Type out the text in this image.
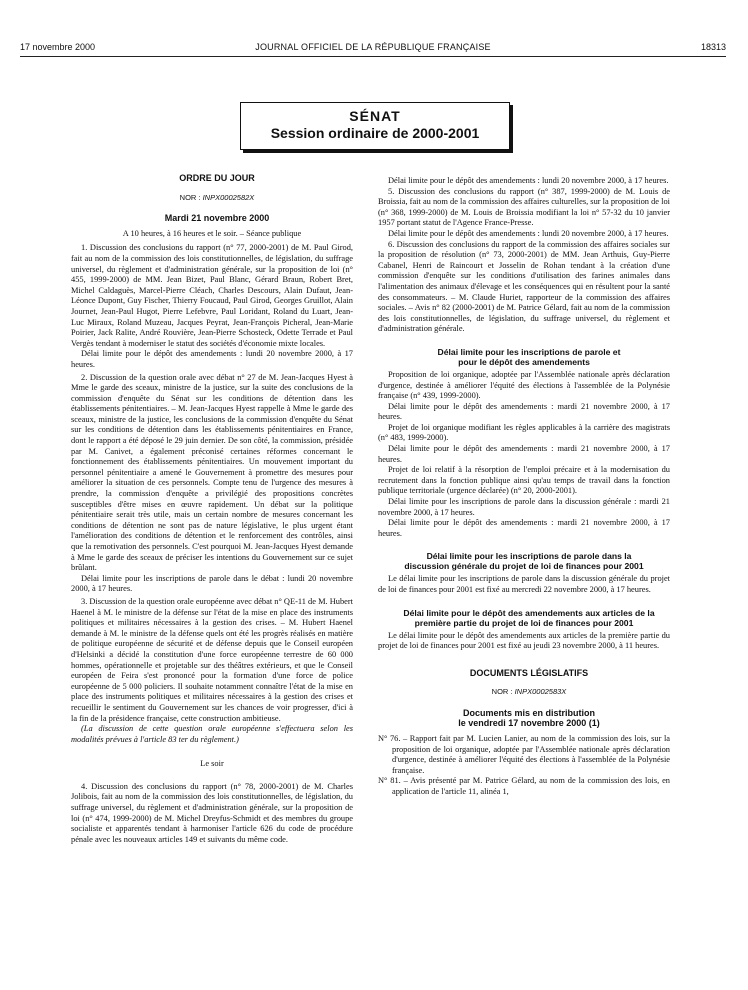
17 novembre 2000	JOURNAL OFFICIEL DE LA RÉPUBLIQUE FRANÇAISE	18313
SÉNAT
Session ordinaire de 2000-2001

ORDRE DU JOUR

NOR : INPX0002582X

Mardi 21 novembre 2000

A 10 heures, à 16 heures et le soir. – Séance publique

1. Discussion des conclusions du rapport (n° 77, 2000-2001) de M. Paul Girod, fait au nom de la commission des lois constitutionnelles, de législation, du suffrage universel, du règlement et d'administration générale, sur la proposition de loi (n° 455, 1999-2000) de MM. Jean Bizet, Paul Blanc, Gérard Braun, Robert Bret, Michel Caldaguès, Marcel-Pierre Cléach, Charles Descours, Alain Dufaut, Jean-Léonce Dupont, Guy Fischer, Thierry Foucaud, Paul Girod, Georges Gruillot, Alain Journet, Jean-Paul Hugot, Pierre Lefebvre, Paul Loridant, Roland du Luart, Jean-Luc Miraux, Roland Muzeau, Jacques Peyrat, Jean-François Picheral, Jean-Marie Poirier, Jack Ralite, André Rouvière, Jean-Pierre Schosteck, Odette Terrade et Paul Vergès tendant à moderniser le statut des sociétés d'économie mixte locales.

Délai limite pour le dépôt des amendements : lundi 20 novembre 2000, à 17 heures.

2. Discussion de la question orale avec débat n° 27 de M. Jean-Jacques Hyest à Mme le garde des sceaux, ministre de la justice, sur la suite des conclusions de la commission d'enquête du Sénat sur les conditions de détention dans les établissements pénitentiaires. – M. Jean-Jacques Hyest rappelle à Mme le garde des sceaux, ministre de la justice, les conclusions de la commission d'enquête du Sénat sur les conditions de détention dans les établissements pénitentiaires en France, dont le rapport a été déposé le 29 juin dernier. De son côté, la commission, présidée par M. Canivet, a également préconisé certaines réformes concernant le fonctionnement des établissements pénitentiaires. Un mouvement important du personnel pénitentiaire a amené le Gouvernement à promettre des mesures pour améliorer la situation de ces personnels. Compte tenu de l'urgence des mesures à prendre, la commission d'enquête a privilégié des propositions concrètes susceptibles d'être mises en œuvre rapidement. Un débat sur la politique pénitentiaire serait très utile, mais un certain nombre de mesures concernant les conditions de détention ne sont pas de nature législative, le plus urgent étant l'amélioration des conditions de détention et le renforcement des contrôles, ainsi que la remotivation des personnels. C'est pourquoi M. Jean-Jacques Hyest demande à Mme le garde des sceaux de préciser les intentions du Gouvernement sur ce sujet brûlant.

Délai limite pour les inscriptions de parole dans le débat : lundi 20 novembre 2000, à 17 heures.

3. Discussion de la question orale européenne avec débat n° QE-11 de M. Hubert Haenel à M. le ministre de la défense sur l'état de la mise en place des instruments politiques et militaires nécessaires à la gestion des crises. – M. Hubert Haenel demande à M. le ministre de la défense quels ont été les progrès réalisés en matière de politique européenne de sécurité et de défense depuis que le Conseil européen d'Helsinki a décidé la constitution d'une force européenne terrestre de 60 000 hommes, opérationnelle et projetable sur des théâtres extérieurs, et que le Conseil européen de Feira s'est prononcé pour la formation d'une force de police européenne de 5 000 policiers. Il souhaite notamment connaître l'état de la mise en place des instruments politiques et militaires nécessaires à la gestion des crises et recueillir le sentiment du Gouvernement sur les chances de voir progresser, d'ici à la fin de la présidence française, cette construction ambitieuse.

(La discussion de cette question orale européenne s'effectuera selon les modalités prévues à l'article 83 ter du règlement.)

Le soir

4. Discussion des conclusions du rapport (n° 78, 2000-2001) de M. Charles Jolibois, fait au nom de la commission des lois constitutionnelles, de législation, du suffrage universel, du règlement et d'administration générale, sur la proposition de loi (n° 474, 1999-2000) de M. Michel Dreyfus-Schmidt et des membres du groupe socialiste et apparentés tendant à harmoniser l'article 626 du code de procédure pénale avec les nouveaux articles 149 et suivants du même code.

Délai limite pour le dépôt des amendements : lundi 20 novembre 2000, à 17 heures.

5. Discussion des conclusions du rapport (n° 387, 1999-2000) de M. Louis de Broissia, fait au nom de la commission des affaires culturelles, sur la proposition de loi (n° 368, 1999-2000) de M. Louis de Broissia modifiant la loi n° 57-32 du 10 janvier 1957 portant statut de l'Agence France-Presse.

Délai limite pour le dépôt des amendements : lundi 20 novembre 2000, à 17 heures.

6. Discussion des conclusions du rapport de la commission des affaires sociales sur la proposition de résolution (n° 73, 2000-2001) de MM. Jean Arthuis, Guy-Pierre Cabanel, Henri de Raincourt et Josselin de Rohan tendant à la création d'une commission d'enquête sur les conditions d'utilisation des farines animales dans l'alimentation des animaux d'élevage et les conséquences qui en résultent pour la santé des consommateurs. – M. Claude Huriet, rapporteur de la commission des affaires sociales. – Avis n° 82 (2000-2001) de M. Patrice Gélard, fait au nom de la commission des lois constitutionnelles, de législation, du suffrage universel, du règlement et d'administration générale.

Délai limite pour les inscriptions de parole et pour le dépôt des amendements

Proposition de loi organique, adoptée par l'Assemblée nationale après déclaration d'urgence, destinée à améliorer l'équité des élections à l'assemblée de la Polynésie française (n° 439, 1999-2000).

Délai limite pour le dépôt des amendements : mardi 21 novembre 2000, à 17 heures.

Projet de loi organique modifiant les règles applicables à la carrière des magistrats (n° 483, 1999-2000).

Délai limite pour le dépôt des amendements : mardi 21 novembre 2000, à 17 heures.

Projet de loi relatif à la résorption de l'emploi précaire et à la modernisation du recrutement dans la fonction publique ainsi qu'au temps de travail dans la fonction publique territoriale (urgence déclarée) (n° 20, 2000-2001).

Délai limite pour les inscriptions de parole dans la discussion générale : mardi 21 novembre 2000, à 17 heures.

Délai limite pour le dépôt des amendements : mardi 21 novembre 2000, à 17 heures.

Délai limite pour les inscriptions de parole dans la discussion générale du projet de loi de finances pour 2001

Le délai limite pour les inscriptions de parole dans la discussion générale du projet de loi de finances pour 2001 est fixé au mercredi 22 novembre 2000, à 17 heures.

Délai limite pour le dépôt des amendements aux articles de la première partie du projet de loi de finances pour 2001

Le délai limite pour le dépôt des amendements aux articles de la première partie du projet de loi de finances pour 2001 est fixé au jeudi 23 novembre 2000, à 11 heures.

DOCUMENTS LÉGISLATIFS

NOR : INPX0002583X

Documents mis en distribution

le vendredi 17 novembre 2000 (1)

N° 76. – Rapport fait par M. Lucien Lanier, au nom de la commission des lois, sur la proposition de loi organique, adoptée par l'Assemblée nationale après déclaration d'urgence, destinée à améliorer l'équité des élections à l'assemblée de la Polynésie française.

N° 81. – Avis présenté par M. Patrice Gélard, au nom de la commission des lois, en application de l'article 11, alinéa 1,
